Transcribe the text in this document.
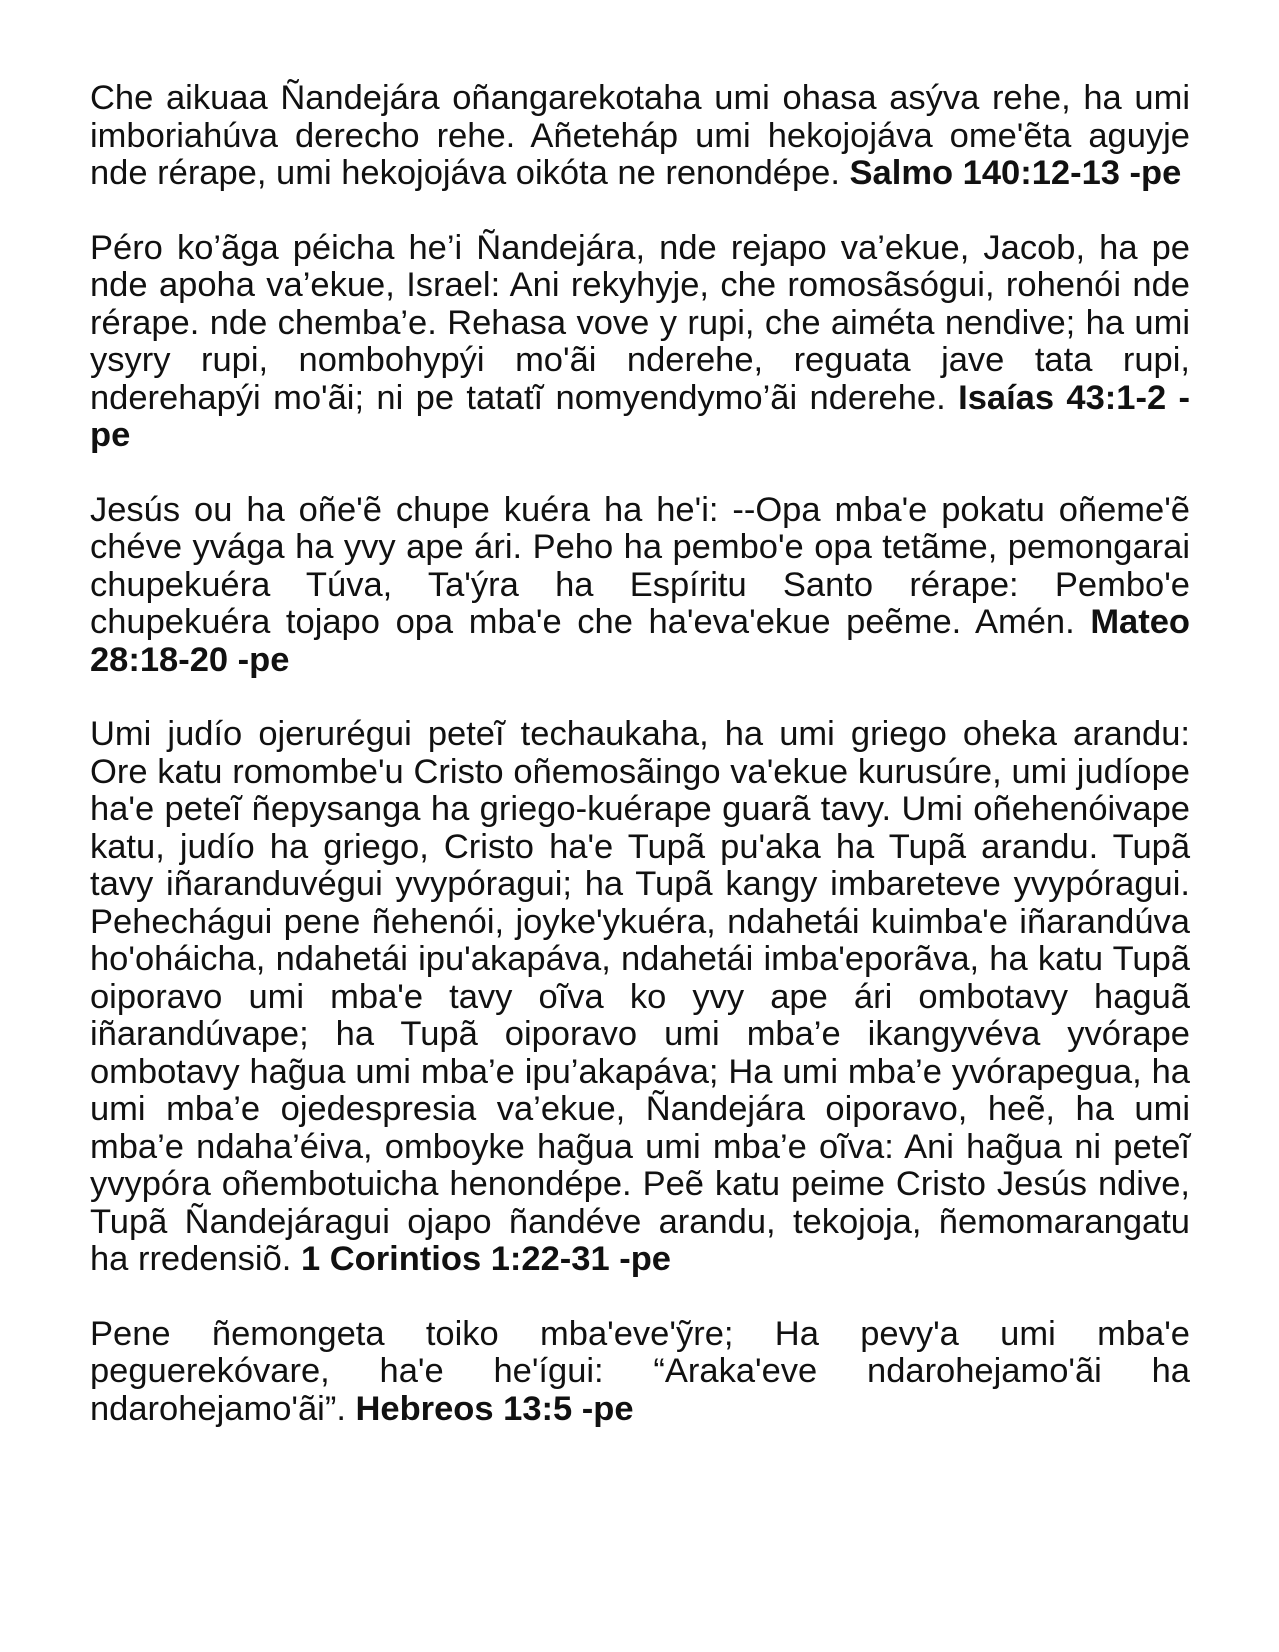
Che aikuaa Ñandejára oñangarekotaha umi ohasa asýva rehe, ha umi imboriahúva derecho rehe. Añeteháp umi hekojojáva ome'ẽta aguyje nde rérape, umi hekojojáva oikóta ne renondépe. Salmo 140:12-13 -pe

Péro ko’ãga péicha he’i Ñandejára, nde rejapo va’ekue, Jacob, ha pe nde apoha va’ekue, Israel: Ani rekyhyje, che romosãsógui, rohenói nde rérape. nde chemba’e. Rehasa vove y rupi, che aiméta nendive; ha umi ysyry rupi, nombohypýi mo'ãi nderehe, reguata jave tata rupi, nderehapýi mo'ãi; ni pe tatatĩ nomyendymo’ãi nderehe. Isaías 43:1-2 -pe

Jesús ou ha oñe'ẽ chupe kuéra ha he'i: --Opa mba'e pokatu oñeme'ẽ chéve yvága ha yvy ape ári. Peho ha pembo'e opa tetãme, pemongarai chupekuéra Túva, Ta'ýra ha Espíritu Santo rérape: Pembo'e chupekuéra tojapo opa mba'e che ha'eva'ekue peẽme. Amén. Mateo 28:18-20 -pe

Umi judío ojerurégui peteĩ techaukaha, ha umi griego oheka arandu: Ore katu romombe'u Cristo oñemosãingo va'ekue kurusúre, umi judíope ha'e peteĩ ñepysanga ha griego-kuérape guarã tavy. Umi oñehenóivape katu, judío ha griego, Cristo ha'e Tupã pu'aka ha Tupã arandu. Tupã tavy iñaranduvégui yvypóragui; ha Tupã kangy imbareteve yvypóragui. Pehechágui pene ñehenói, joyke'ykuéra, ndahetái kuimba'e iñarandúva ho'oháicha, ndahetái ipu'akapáva, ndahetái imba'eporãva, ha katu Tupã oiporavo umi mba'e tavy oĩva ko yvy ape ári ombotavy haguã iñarandúvape; ha Tupã oiporavo umi mba’e ikangyvéva yvórape ombotavy hag̃ua umi mba’e ipu’akapáva; Ha umi mba’e yvórapegua, ha umi mba’e ojedespresia va’ekue, Ñandejára oiporavo, heẽ, ha umi mba’e ndaha’éiva, omboyke hag̃ua umi mba’e oĩva: Ani hag̃ua ni peteĩ yvypóra oñembotuicha henondépe. Peẽ katu peime Cristo Jesús ndive, Tupã Ñandejáragui ojapo ñandéve arandu, tekojoja, ñemomarangatu ha rredensiõ. 1 Corintios 1:22-31 -pe

Pene ñemongeta toiko mba'eve'ỹre; Ha pevy'a umi mba'e peguerekóvare, ha'e he'ígui: “Araka'eve ndarohejamo'ãi ha ndarohejamo'ãi”. Hebreos 13:5 -pe
